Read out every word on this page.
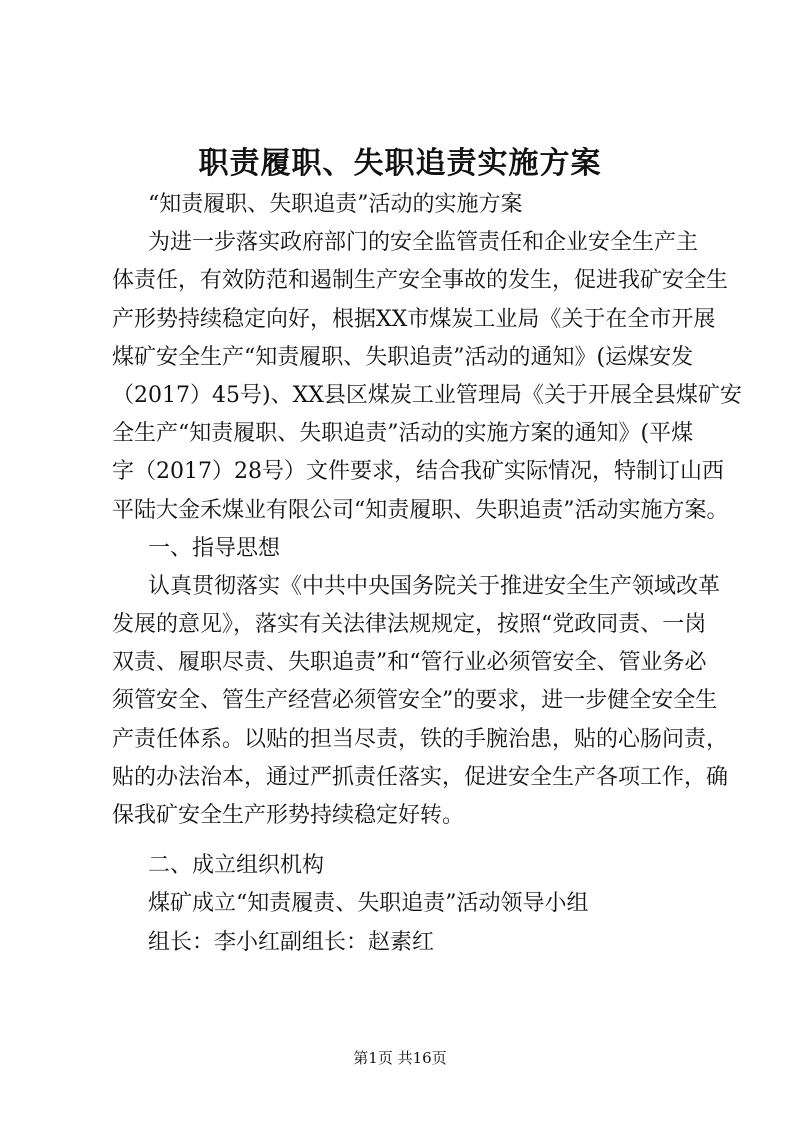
职责履职、失职追责实施方案
“知责履职、失职追责”活动的实施方案
为进一步落实政府部门的安全监管责任和企业安全生产主
体责任，有效防范和遏制生产安全事故的发生，促进我矿安全生
产形势持续稳定向好，根据XX市煤炭工业局《关于在全市开展
煤矿安全生产“知责履职、失职追责”活动的通知》(运煤安发
（2017）45号)、XX县区煤炭工业管理局《关于开展全县煤矿安
全生产“知责履职、失职追责”活动的实施方案的通知》(平煤
字（2017）28号）文件要求，结合我矿实际情况，特制订山西
平陆大金禾煤业有限公司“知责履职、失职追责”活动实施方案。
一、指导思想
认真贯彻落实《中共中央国务院关于推进安全生产领域改革
发展的意见》，落实有关法律法规规定，按照“党政同责、一岗
双责、履职尽责、失职追责”和“管行业必须管安全、管业务必
须管安全、管生产经营必须管安全”的要求，进一步健全安全生
产责任体系。以贴的担当尽责，铁的手腕治患，贴的心肠问责，
贴的办法治本，通过严抓责任落实，促进安全生产各项工作，确
保我矿安全生产形势持续稳定好转。
二、成立组织机构
煤矿成立“知责履责、失职追责”活动领导小组
组长：李小红副组长：赵素红
第1页 共16页
